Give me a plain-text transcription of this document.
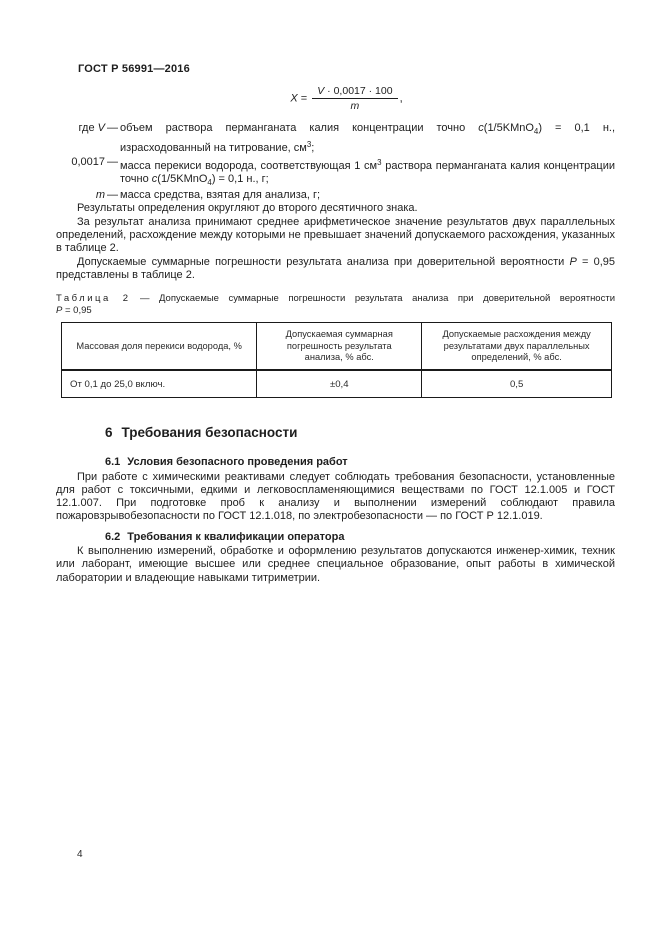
ГОСТ Р 56991—2016

$X = \frac{V \cdot 0,0017 \cdot 100}{m}$ ,
где V — объем раствора перманганата калия концентрации точно c(1/5KMnO$_4$) = 0,1 н., израсходованный на титрование, $см^3$;
0,0017 — масса перекиси водорода, соответствующая 1 $см^3$ раствора перманганата калия концентрации точно c(1/5KMnO$_4$) = 0,1 н., г;
m — масса средства, взятая для анализа, г;

Результаты определения округляют до второго десятичного знака.

За результат анализа принимают среднее арифметическое значение результатов двух параллельных определений, расхождение между которыми не превышает значений допускаемого расхождения, указанных в таблице 2.

Допускаемые суммарные погрешности результата анализа при доверительной вероятности P = 0,95 представлены в таблице 2.

Таблица 2 — Допускаемые суммарные погрешности результата анализа при доверительной вероятности
P = 0,95
Массовая доля перекиси водорода, %	Допускаемая суммарная погрешность результата анализа, % абс.	Допускаемые расхождения между результатами двух параллельных определений, % абс.
От 0,1 до 25,0 включ.	±0,4	0,5
6 Требования безопасности
6.1 Условия безопасного проведения работ

При работе с химическими реактивами следует соблюдать требования безопасности, установленные для работ с токсичными, едкими и легковоспламеняющимися веществами по ГОСТ 12.1.005 и ГОСТ 12.1.007. При подготовке проб к анализу и выполнении измерений соблюдают правила пожаровзрывобезопасности по ГОСТ 12.1.018, по электробезопасности — по ГОСТ Р 12.1.019.

6.2 Требования к квалификации оператора

К выполнению измерений, обработке и оформлению результатов допускаются инженер-химик, техник или лаборант, имеющие высшее или среднее специальное образование, опыт работы в химической лаборатории и владеющие навыками титриметрии.

4
